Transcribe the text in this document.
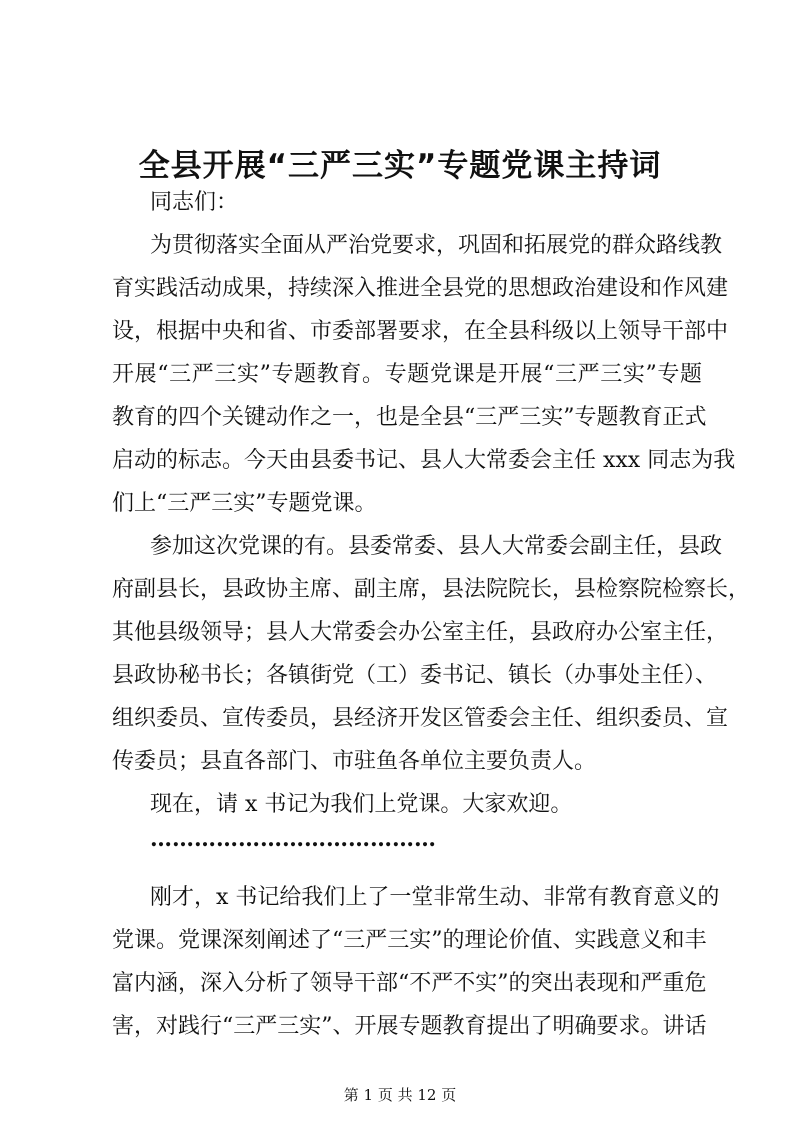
全县开展“三严三实”专题党课主持词
同志们：
为贯彻落实全面从严治党要求，巩固和拓展党的群众路线教
育实践活动成果，持续深入推进全县党的思想政治建设和作风建
设，根据中央和省、市委部署要求，在全县科级以上领导干部中
开展“三严三实”专题教育。专题党课是开展“三严三实”专题
教育的四个关键动作之一，也是全县“三严三实”专题教育正式
启动的标志。今天由县委书记、县人大常委会主任 xxx 同志为我
们上“三严三实”专题党课。
参加这次党课的有。县委常委、县人大常委会副主任，县政
府副县长，县政协主席、副主席，县法院院长，县检察院检察长，
其他县级领导；县人大常委会办公室主任，县政府办公室主任，
县政协秘书长；各镇街党（工）委书记、镇长（办事处主任）、
组织委员、宣传委员，县经济开发区管委会主任、组织委员、宣
传委员；县直各部门、市驻鱼各单位主要负责人。
现在，请 x 书记为我们上党课。大家欢迎。
…………………………………
刚才，x 书记给我们上了一堂非常生动、非常有教育意义的
党课。党课深刻阐述了“三严三实”的理论价值、实践意义和丰
富内涵，深入分析了领导干部“不严不实”的突出表现和严重危
害，对践行“三严三实”、开展专题教育提出了明确要求。讲话
第 1 页 共 12 页
